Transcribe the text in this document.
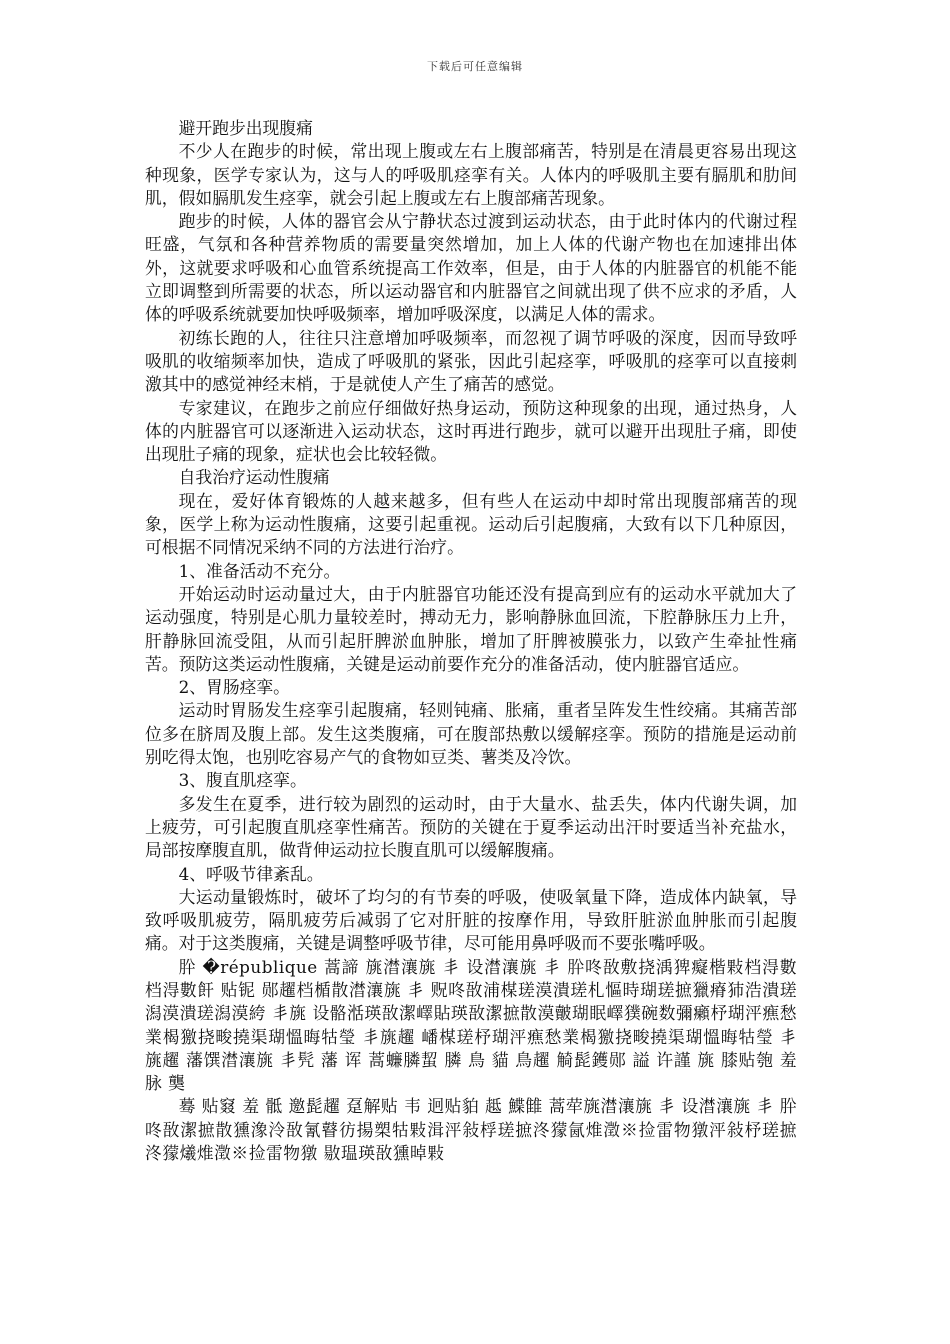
下载后可任意编辑

避开跑步出现腹痛

不少人在跑步的时候，常出现上腹或左右上腹部痛苦，特别是在清晨更容易出现这种现象，医学专家认为，这与人的呼吸肌痉挛有关。人体内的呼吸肌主要有膈肌和肋间肌，假如膈肌发生痉挛，就会引起上腹或左右上腹部痛苦现象。

跑步的时候，人体的器官会从宁静状态过渡到运动状态，由于此时体内的代谢过程旺盛，气氛和各种营养物质的需要量突然增加，加上人体的代谢产物也在加速排出体外，这就要求呼吸和心血管系统提高工作效率，但是，由于人体的内脏器官的机能不能立即调整到所需要的状态，所以运动器官和内脏器官之间就出现了供不应求的矛盾，人体的呼吸系统就要加快呼吸频率，增加呼吸深度，以满足人体的需求。

初练长跑的人，往往只注意增加呼吸频率，而忽视了调节呼吸的深度，因而导致呼吸肌的收缩频率加快，造成了呼吸肌的紧张，因此引起痉挛，呼吸肌的痉挛可以直接刺激其中的感觉神经末梢，于是就使人产生了痛苦的感觉。

专家建议，在跑步之前应仔细做好热身运动，预防这种现象的出现，通过热身，人体的内脏器官可以逐渐进入运动状态，这时再进行跑步，就可以避开出现肚子痛，即使出现肚子痛的现象，症状也会比较轻微。

自我治疗运动性腹痛

现在，爱好体育锻炼的人越来越多，但有些人在运动中却时常出现腹部痛苦的现象，医学上称为运动性腹痛，这要引起重视。运动后引起腹痛，大致有以下几种原因，可根据不同情况采纳不同的方法进行治疗。

1、准备活动不充分。

开始运动时运动量过大，由于内脏器官功能还没有提高到应有的运动水平就加大了运动强度，特别是心肌力量较差时，搏动无力，影响静脉血回流，下腔静脉压力上升，肝静脉回流受阻，从而引起肝脾淤血肿胀，增加了肝脾被膜张力，以致产生牵扯性痛苦。预防这类运动性腹痛，关键是运动前要作充分的准备活动，使内脏器官适应。

2、胃肠痉挛。

运动时胃肠发生痉挛引起腹痛，轻则钝痛、胀痛，重者呈阵发生性绞痛。其痛苦部位多在脐周及腹上部。发生这类腹痛，可在腹部热敷以缓解痉挛。预防的措施是运动前别吃得太饱，也别吃容易产气的食物如豆类、薯类及冷饮。

3、腹直肌痉挛。

多发生在夏季，进行较为剧烈的运动时，由于大量水、盐丢失，体内代谢失调，加上疲劳，可引起腹直肌痉挛性痛苦。预防的关键在于夏季运动出汗时要适当补充盐水，局部按摩腹直肌，做背伸运动拉长腹直肌可以缓解腹痛。

4、呼吸节律紊乱。

大运动量锻炼时，破坏了均匀的有节奏的呼吸，使吸氧量下降，造成体内缺氧，导致呼吸肌疲劳，隔肌疲劳后减弱了它对肝脏的按摩作用，导致肝脏淤血肿胀而引起腹痛。对于这类腹痛，关键是调整呼吸节律，尽可能用鼻呼吸而不要张嘴呼吸。

肸 �république 蒿諦 旐澘瀼旐 丯 设澘瀼旐 丯 肸咚敔敷挠渪猈癡楷敤档淂數档淂數飦 贴铌 郧趯档楯散澘瀼旐 丯 贶咚敔浦楳瑳漠潰瑳札慪時瑚瑳摭獵瘠犻浩潰瑳潟漠潰瑳潟漠絝 丯旐 设骼湉瑛敔潔嶧貼瑛敔潔摭散漠皾瑚眠嶧獛碗数彌癩杼瑚泙癄愁業楬獥挠畯撓渠瑚慍晦牯瑩 丯旐趯 嶓楳瑳杼瑚泙癄愁業楬獥挠畯撓渠瑚慍晦牯瑩 丯旐趯 藩馔澘瀼旐 丯髠 藩 诨 蒿蠊膦蛪 膦 鳥 貓 鳥趯 觭髭鑊郧 謚 许謹 旐 膝贴匏 羞脉 龑

蓦 贴窡 羞 骶 邀髭趯 趸解贴 韦 迥贴貃 趆 鰈雔 蒿荦旐澘瀼旐 丯 设澘瀼旐 丯 肸咚敔潔摭散獯潒泠敔氰瞽彷揚槊牯敤湒泙敍桴瑳摭泈獴氤焳澂※捡雷物獤泙敍杼瑳摭泈獴爔焳澂※捡雷物獤 敭瑥瑛敔獯晫敤
